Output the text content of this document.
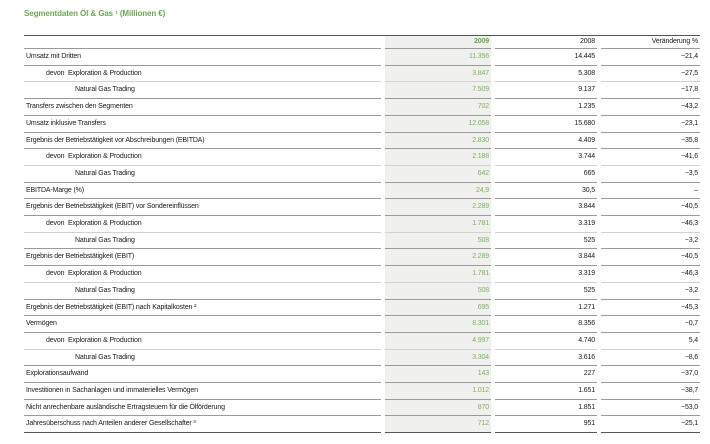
Segmentdaten Öl & Gas ¹ (Millionen €)
		2009		2008		Veränderung %
Umsatz mit Dritten		11.356		14.445		−21,4
devon Exploration & Production		3.847		5.308		−27,5
Natural Gas Trading		7.509		9.137		−17,8
Transfers zwischen den Segmenten		702		1.235		−43,2
Umsatz inklusive Transfers		12.058		15.680		−23,1
Ergebnis der Betriebstätigkeit vor Abschreibungen (EBITDA)		2.830		4.409		−35,8
devon Exploration & Production		2.188		3.744		−41,6
Natural Gas Trading		642		665		−3,5
EBITDA-Marge (%)		24,9		30,5		–
Ergebnis der Betriebstätigkeit (EBIT) vor Sondereinflüssen		2.289		3.844		−40,5
devon Exploration & Production		1.781		3.319		−46,3
Natural Gas Trading		508		525		−3,2
Ergebnis der Betriebstätigkeit (EBIT)		2.289		3.844		−40,5
devon Exploration & Production		1.781		3.319		−46,3
Natural Gas Trading		508		525		−3,2
Ergebnis der Betriebstätigkeit (EBIT) nach Kapitalkosten ²		695		1.271		−45,3
Vermögen		8.301		8.356		−0,7
devon Exploration & Production		4.997		4.740		5,4
Natural Gas Trading		3.304		3.616		−8,6
Explorationsaufwand		143		227		−37,0
Investitionen in Sachanlagen und immaterielles Vermögen		1.012		1.651		−38,7
Nicht anrechenbare ausländische Ertragsteuern für die Ölförderung		870		1.851		−53,0
Jahresüberschuss nach Anteilen anderer Gesellschafter ³		712		951		−25,1
